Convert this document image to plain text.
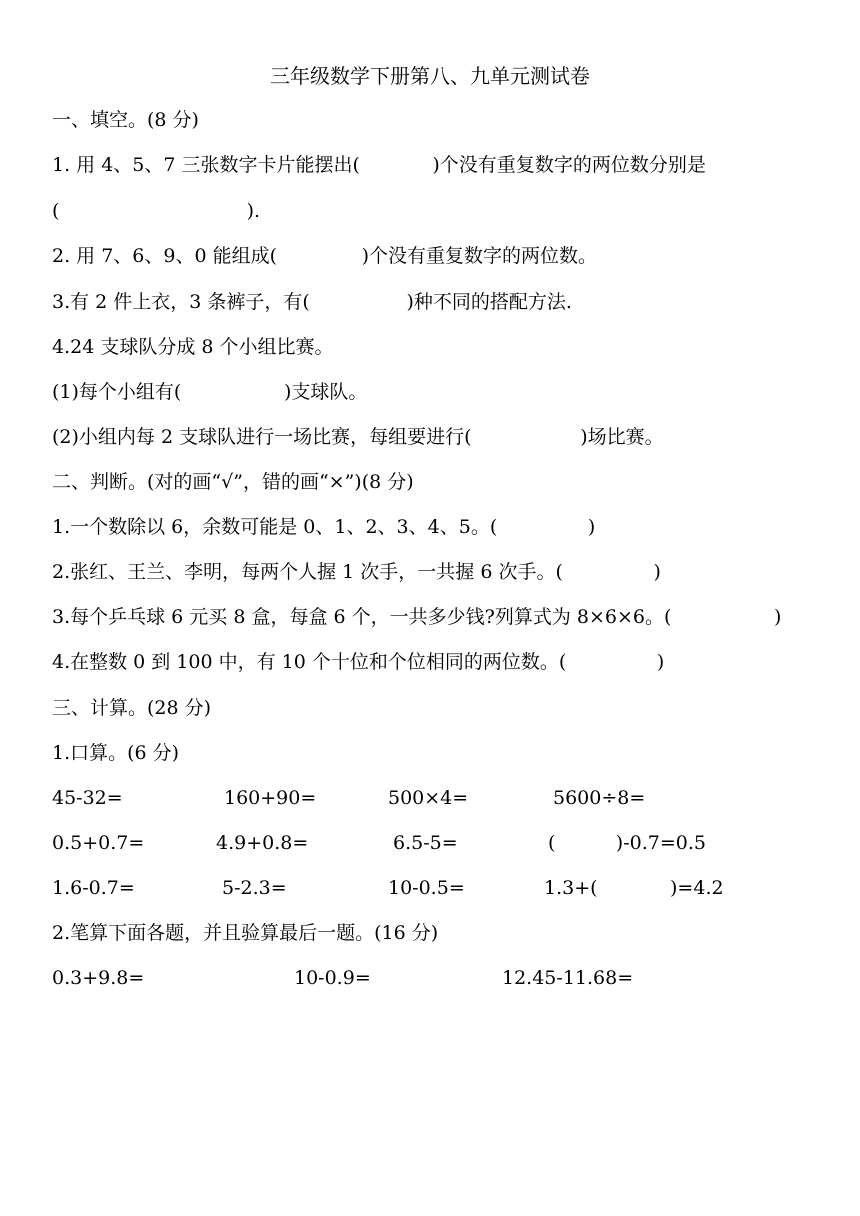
三年级数学下册第八、九单元测试卷
一、填空。(8 分)
1. 用 4、5、7 三张数字卡片能摆出(            )个没有重复数字的两位数分别是
(                               ).
2. 用 7、6、9、0 能组成(              )个没有重复数字的两位数。
3.有 2 件上衣，3 条裤子，有(                )种不同的搭配方法.
4.24 支球队分成 8 个小组比赛。
(1)每个小组有(                 )支球队。
(2)小组内每 2 支球队进行一场比赛，每组要进行(                  )场比赛。
二、判断。(对的画“√”，错的画“×”)(8 分)
1.一个数除以 6，余数可能是 0、1、2、3、4、5。(               )
2.张红、王兰、李明，每两个人握 1 次手，一共握 6 次手。(               )
3.每个乒乓球 6 元买 8 盒，每盒 6 个，一共多少钱?列算式为 8×6×6。(                 )
4.在整数 0 到 100 中，有 10 个十位和个位相同的两位数。(               )
三、计算。(28 分)
1.口算。(6 分)
45-32=	160+90=	500×4=	5600÷8=
0.5+0.7=	4.9+0.8=	6.5-5=	(          )-0.7=0.5
1.6-0.7=	5-2.3=	10-0.5=	1.3+(            )=4.2
2.笔算下面各题，并且验算最后一题。(16 分)
0.3+9.8=	10-0.9=	12.45-11.68=
